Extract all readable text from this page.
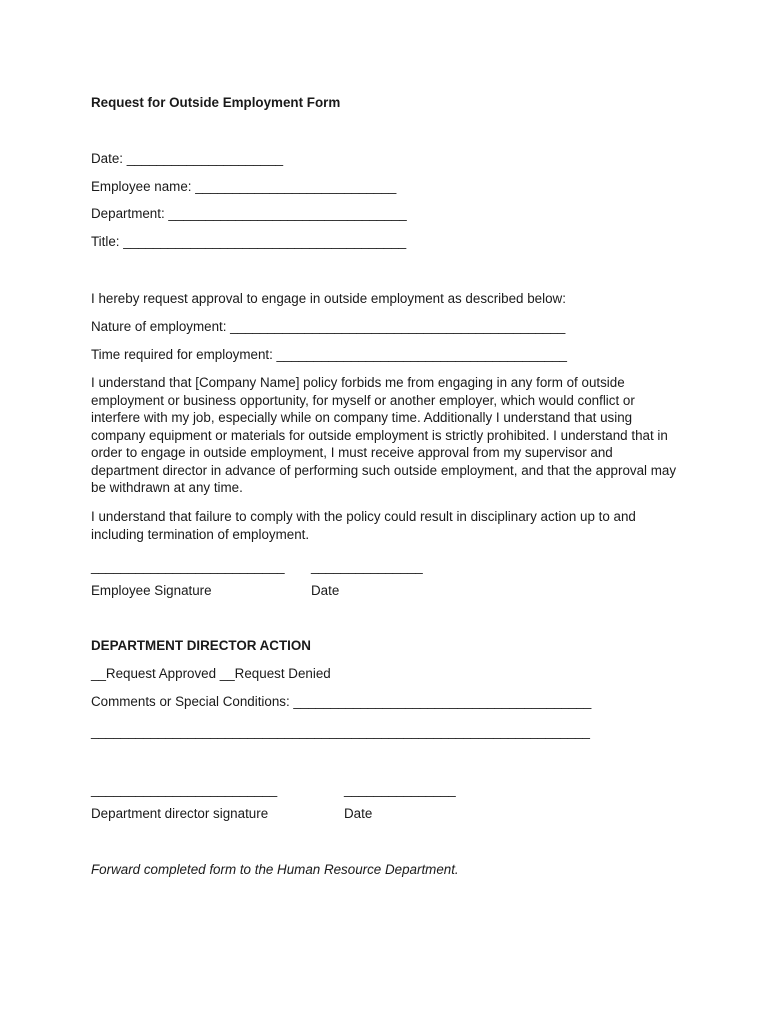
Request for Outside Employment Form
Date: _____________________
Employee name: ___________________________
Department: ________________________________
Title: ______________________________________
I hereby request approval to engage in outside employment as described below:
Nature of employment: _____________________________________________
Time required for employment: _______________________________________
I understand that [Company Name] policy forbids me from engaging in any form of outside employment or business opportunity, for myself or another employer, which would conflict or interfere with my job, especially while on company time. Additionally I understand that using company equipment or materials for outside employment is strictly prohibited. I understand that in order to engage in outside employment, I must receive approval from my supervisor and department director in advance of performing such outside employment, and that the approval may be withdrawn at any time.
I understand that failure to comply with the policy could result in disciplinary action up to and including termination of employment.
__________________________ _______________
Employee Signature	Date
DEPARTMENT DIRECTOR ACTION
__Request Approved __Request Denied
Comments or Special Conditions: ________________________________________
___________________________________________________________________
_________________________	_______________
Department director signature	Date
Forward completed form to the Human Resource Department.
